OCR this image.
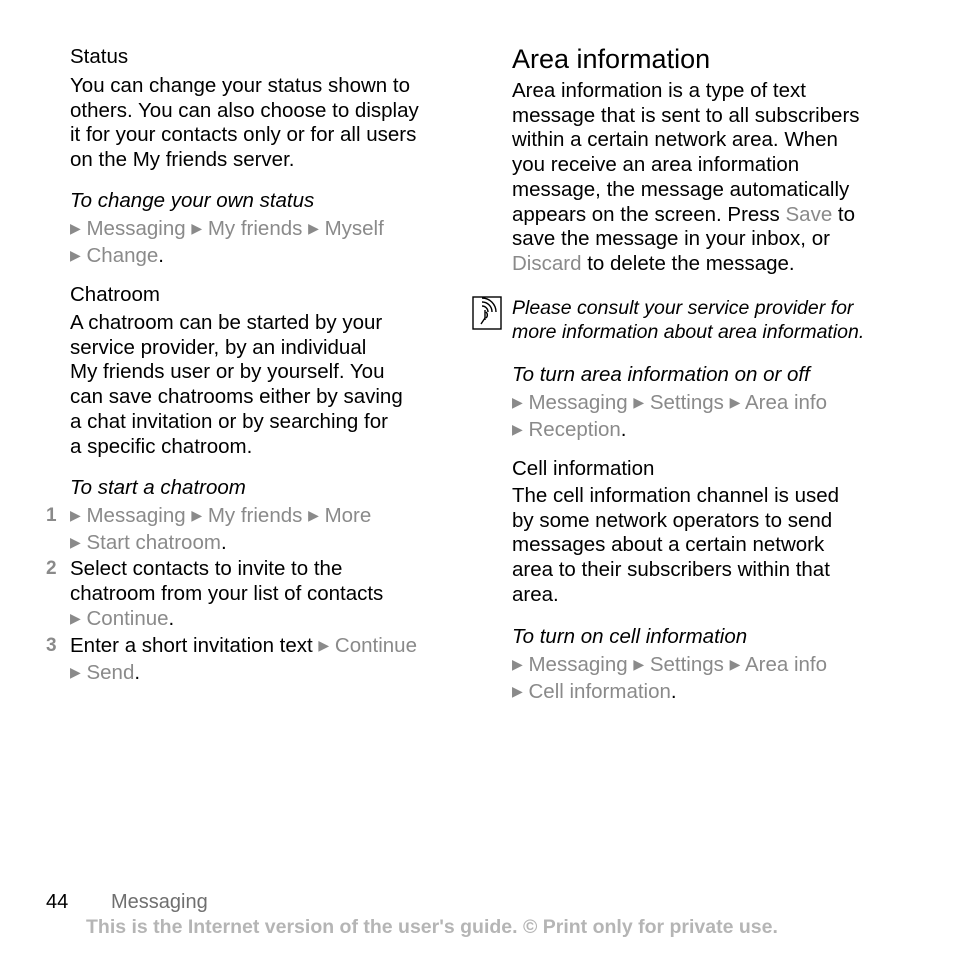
Status
You can change your status shown to
others. You can also choose to display
it for your contacts only or for all users
on the My friends server.
To change your own status
▶ Messaging ▶ My friends ▶ Myself
▶ Change.
Chatroom
A chatroom can be started by your
service provider, by an individual
My friends user or by yourself. You
can save chatrooms either by saving
a chat invitation or by searching for
a specific chatroom.
To start a chatroom
1 ▶ Messaging ▶ My friends ▶ More
▶ Start chatroom.
2 Select contacts to invite to the
chatroom from your list of contacts
▶ Continue.
3 Enter a short invitation text ▶ Continue
▶ Send.
Area information
Area information is a type of text
message that is sent to all subscribers
within a certain network area. When
you receive an area information
message, the message automatically
appears on the screen. Press Save to
save the message in your inbox, or
Discard to delete the message.
Please consult your service provider for
more information about area information.
To turn area information on or off
▶ Messaging ▶ Settings ▶ Area info
▶ Reception.
Cell information
The cell information channel is used
by some network operators to send
messages about a certain network
area to their subscribers within that
area.
To turn on cell information
▶ Messaging ▶ Settings ▶ Area info
▶ Cell information.
44 Messaging
This is the Internet version of the user's guide. © Print only for private use.
